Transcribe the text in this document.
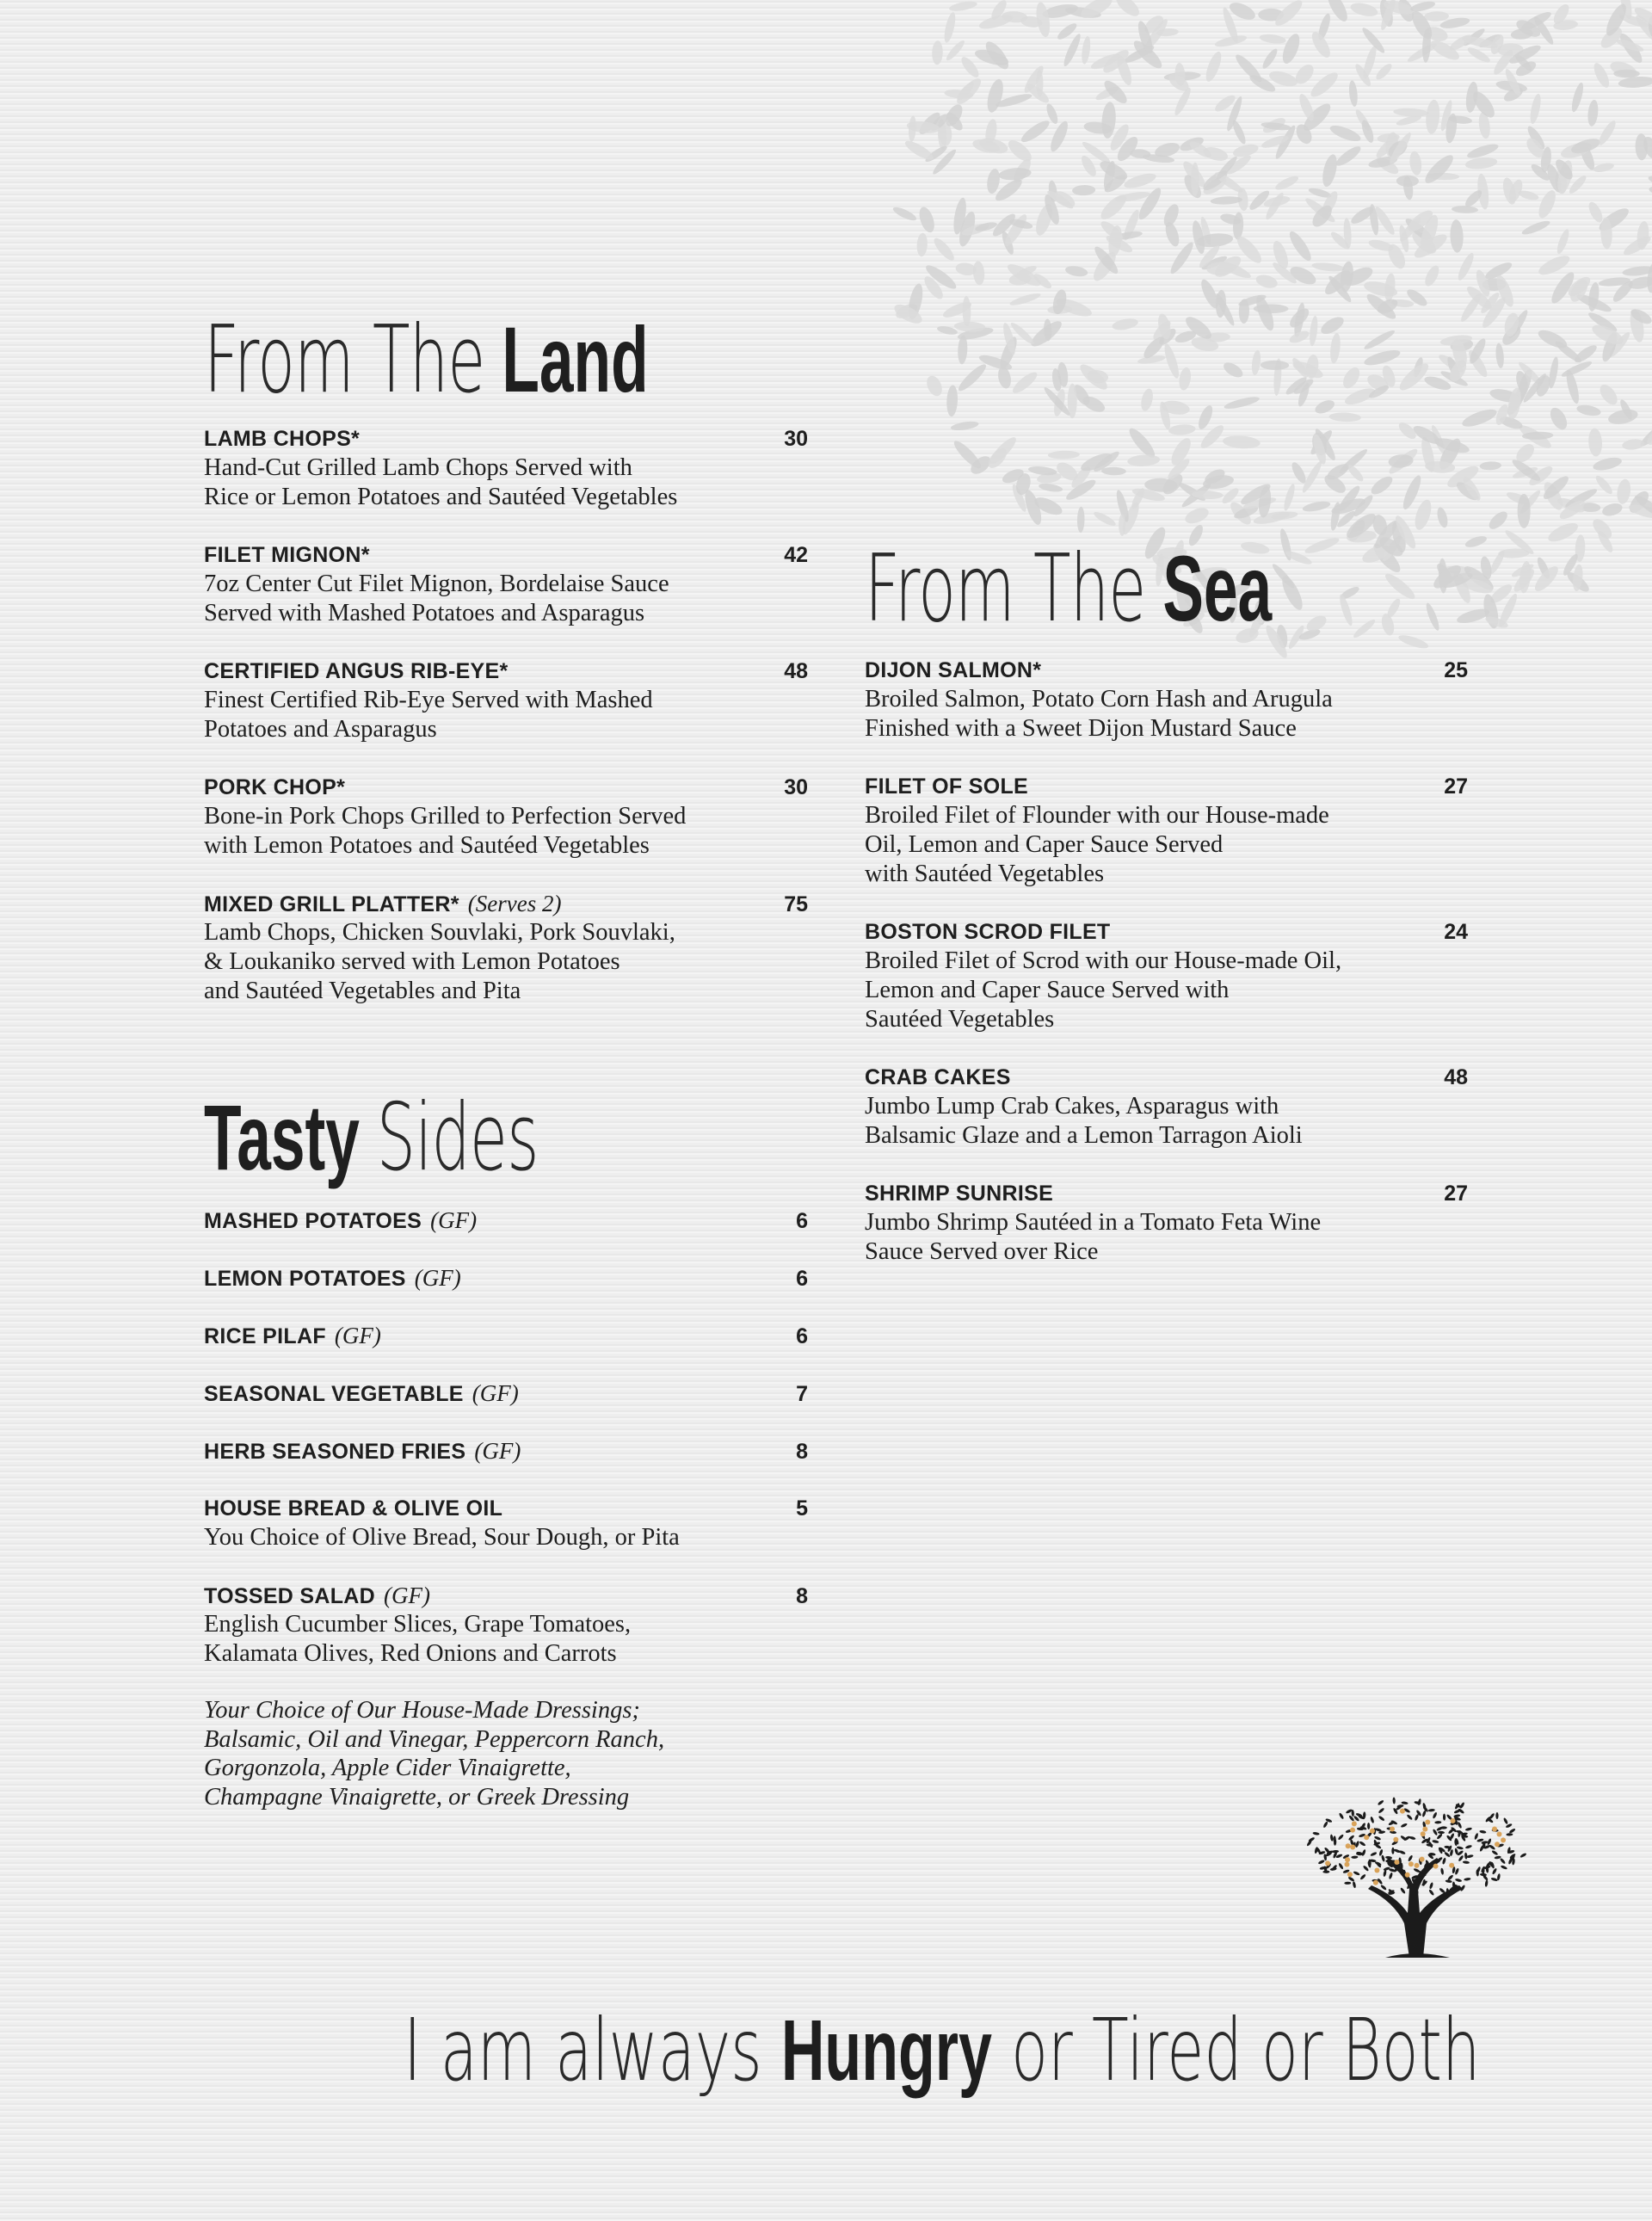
From The Land
LAMB CHOPS*	30
Hand-Cut Grilled Lamb Chops Served with
Rice or Lemon Potatoes and Sautéed Vegetables
FILET MIGNON*	42
7oz Center Cut Filet Mignon, Bordelaise Sauce
Served with Mashed Potatoes and Asparagus
CERTIFIED ANGUS RIB-EYE*	48
Finest Certified Rib-Eye Served with Mashed
Potatoes and Asparagus
PORK CHOP*	30
Bone-in Pork Chops Grilled to Perfection Served
with Lemon Potatoes and Sautéed Vegetables
MIXED GRILL PLATTER* (Serves 2)	75
Lamb Chops, Chicken Souvlaki, Pork Souvlaki,
& Loukaniko served with Lemon Potatoes
and Sautéed Vegetables and Pita
From The Sea
DIJON SALMON*	25
Broiled Salmon, Potato Corn Hash and Arugula
Finished with a Sweet Dijon Mustard Sauce
FILET OF SOLE	27
Broiled Filet of Flounder with our House-made
Oil, Lemon and Caper Sauce Served
with Sautéed Vegetables
BOSTON SCROD FILET	24
Broiled Filet of Scrod with our House-made Oil,
Lemon and Caper Sauce Served with
Sautéed Vegetables
CRAB CAKES	48
Jumbo Lump Crab Cakes, Asparagus with
Balsamic Glaze and a Lemon Tarragon Aioli
SHRIMP SUNRISE	27
Jumbo Shrimp Sautéed in a Tomato Feta Wine
Sauce Served over Rice
Tasty Sides
MASHED POTATOES (GF)	6
LEMON POTATOES (GF)	6
RICE PILAF (GF)	6
SEASONAL VEGETABLE (GF)	7
HERB SEASONED FRIES (GF)	8
HOUSE BREAD & OLIVE OIL	5
You Choice of Olive Bread, Sour Dough, or Pita
TOSSED SALAD (GF)	8
English Cucumber Slices, Grape Tomatoes,
Kalamata Olives, Red Onions and Carrots
Your Choice of Our House-Made Dressings;
Balsamic, Oil and Vinegar, Peppercorn Ranch,
Gorgonzola, Apple Cider Vinaigrette,
Champagne Vinaigrette, or Greek Dressing
I am always Hungry or Tired or Both
